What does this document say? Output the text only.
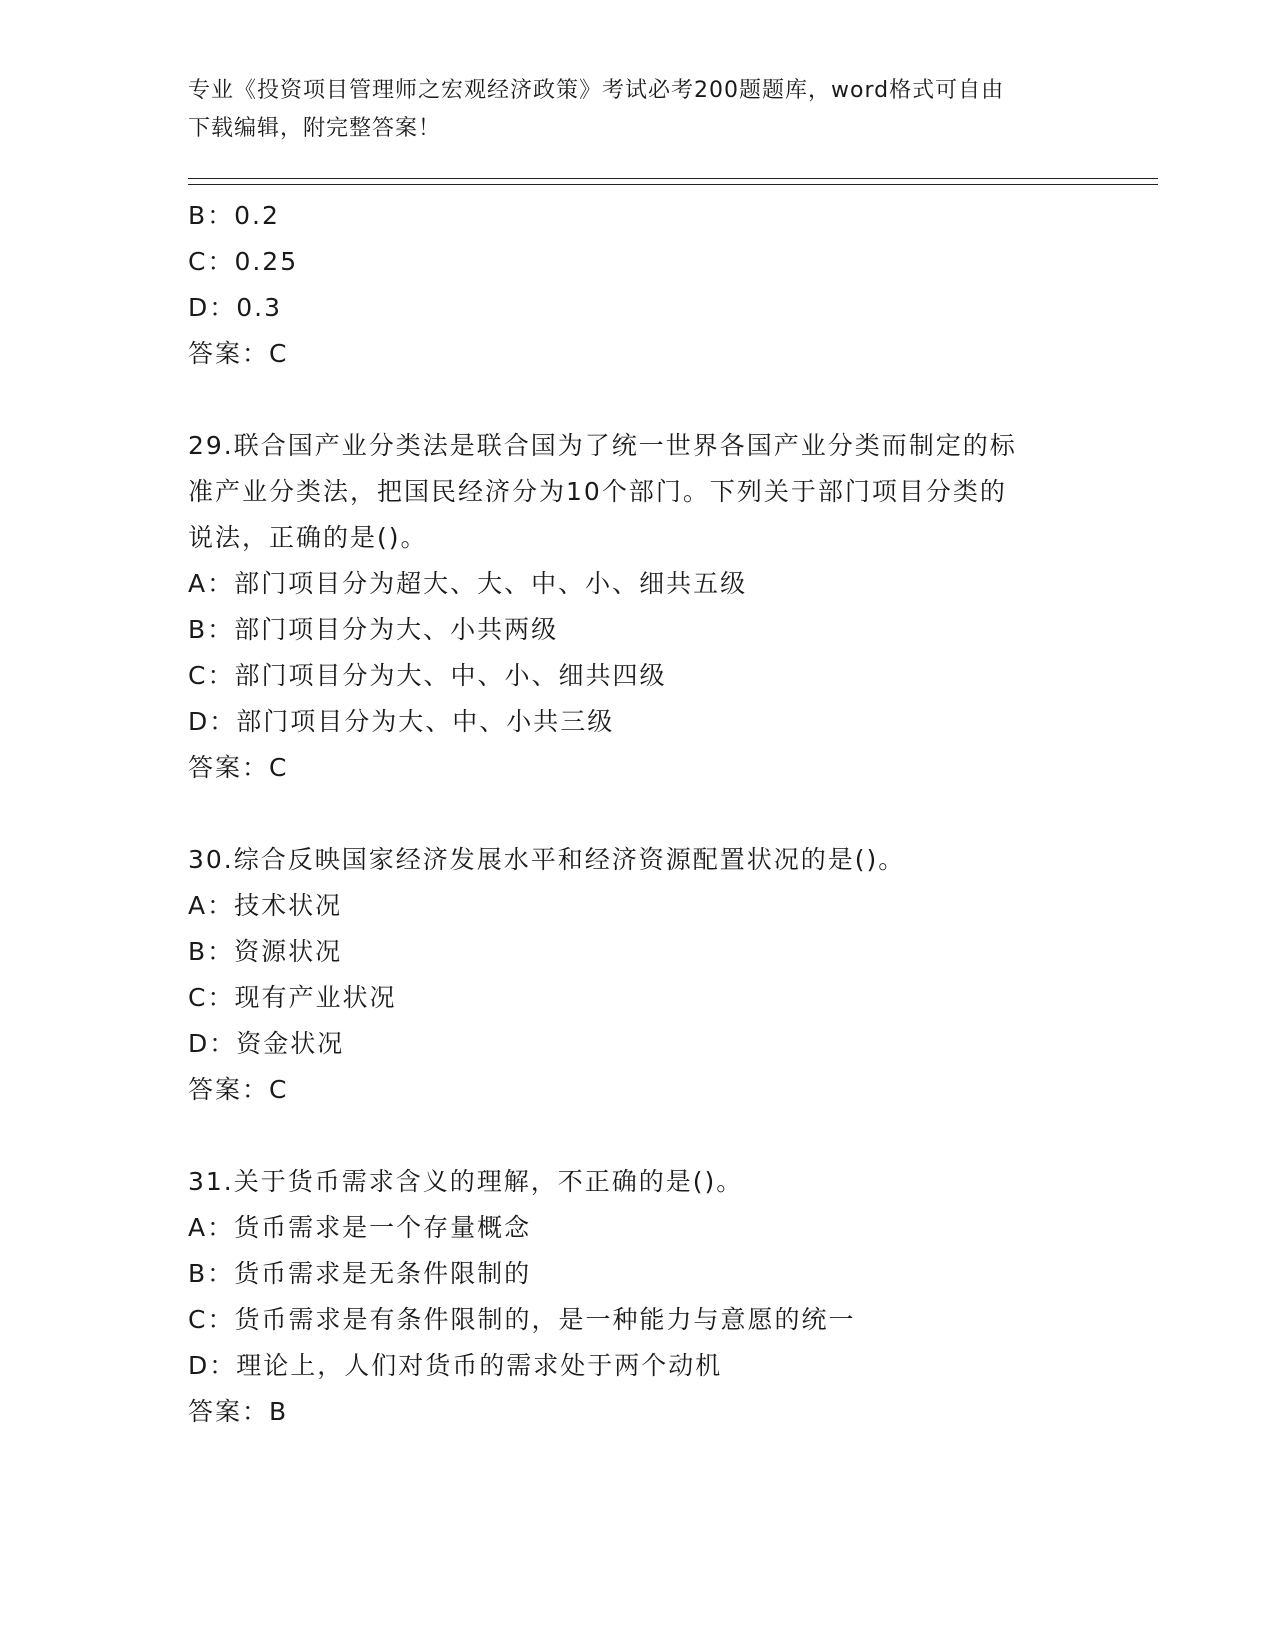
专业《投资项目管理师之宏观经济政策》考试必考200题题库，word格式可自由
下载编辑，附完整答案！
B：0.2
C：0.25
D：0.3
答案：C
29.联合国产业分类法是联合国为了统一世界各国产业分类而制定的标
准产业分类法，把国民经济分为10个部门。下列关于部门项目分类的
说法，正确的是()。
A：部门项目分为超大、大、中、小、细共五级
B：部门项目分为大、小共两级
C：部门项目分为大、中、小、细共四级
D：部门项目分为大、中、小共三级
答案：C
30.综合反映国家经济发展水平和经济资源配置状况的是()。
A：技术状况
B：资源状况
C：现有产业状况
D：资金状况
答案：C
31.关于货币需求含义的理解，不正确的是()。
A：货币需求是一个存量概念
B：货币需求是无条件限制的
C：货币需求是有条件限制的，是一种能力与意愿的统一
D：理论上，人们对货币的需求处于两个动机
答案：B
